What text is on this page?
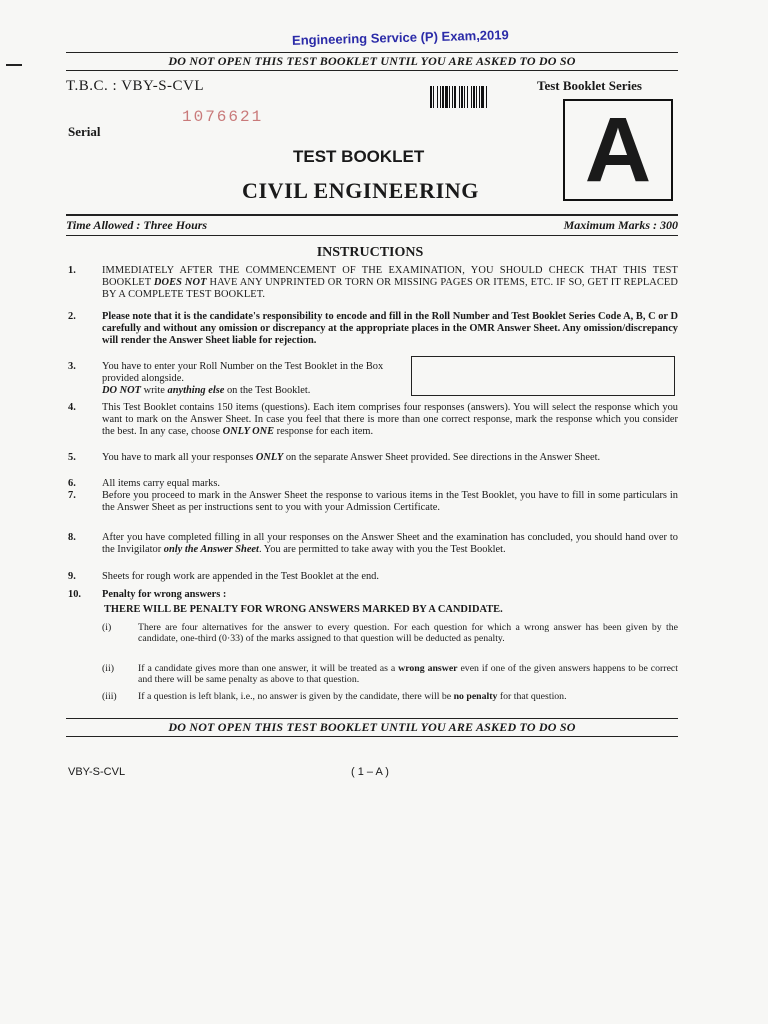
Engineering Service (P) Exam,2019
DO NOT OPEN THIS TEST BOOKLET UNTIL YOU ARE ASKED TO DO SO
T.B.C. : VBY-S-CVL	Test Booklet Series
1076621
Serial	A
TEST BOOKLET
CIVIL ENGINEERING
Time Allowed : Three Hours	Maximum Marks : 300
INSTRUCTIONS
1.	IMMEDIATELY AFTER THE COMMENCEMENT OF THE EXAMINATION, YOU SHOULD CHECK THAT THIS TEST BOOKLET DOES NOT HAVE ANY UNPRINTED OR TORN OR MISSING PAGES OR ITEMS, ETC. IF SO, GET IT REPLACED BY A COMPLETE TEST BOOKLET.
2.	Please note that it is the candidate's responsibility to encode and fill in the Roll Number and Test Booklet Series Code A, B, C or D carefully and without any omission or discrepancy at the appropriate places in the OMR Answer Sheet. Any omission/discrepancy will render the Answer Sheet liable for rejection.
3.	You have to enter your Roll Number on the Test Booklet in the Box provided alongside.
DO NOT write anything else on the Test Booklet.
4.	This Test Booklet contains 150 items (questions). Each item comprises four responses (answers). You will select the response which you want to mark on the Answer Sheet. In case you feel that there is more than one correct response, mark the response which you consider the best. In any case, choose ONLY ONE response for each item.
5.	You have to mark all your responses ONLY on the separate Answer Sheet provided. See directions in the Answer Sheet.
6.	All items carry equal marks.
7.	Before you proceed to mark in the Answer Sheet the response to various items in the Test Booklet, you have to fill in some particulars in the Answer Sheet as per instructions sent to you with your Admission Certificate.
8.	After you have completed filling in all your responses on the Answer Sheet and the examination has concluded, you should hand over to the Invigilator only the Answer Sheet. You are permitted to take away with you the Test Booklet.
9.	Sheets for rough work are appended in the Test Booklet at the end.
10.	Penalty for wrong answers :
THERE WILL BE PENALTY FOR WRONG ANSWERS MARKED BY A CANDIDATE.
(i)	There are four alternatives for the answer to every question. For each question for which a wrong answer has been given by the candidate, one-third (0·33) of the marks assigned to that question will be deducted as penalty.
(ii)	If a candidate gives more than one answer, it will be treated as a wrong answer even if one of the given answers happens to be correct and there will be same penalty as above to that question.
(iii)	If a question is left blank, i.e., no answer is given by the candidate, there will be no penalty for that question.
DO NOT OPEN THIS TEST BOOKLET UNTIL YOU ARE ASKED TO DO SO
VBY-S-CVL	( 1 – A )
